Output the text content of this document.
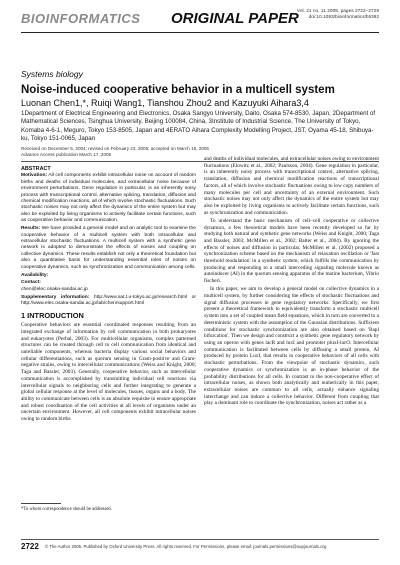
BIOINFORMATICS ORIGINAL PAPER
Vol. 21 no. 11 2005, pages 2722–2729
doi:10.1093/bioinformatics/bti392
Systems biology
Noise-induced cooperative behavior in a multicell system
Luonan Chen1,*, Ruiqi Wang1, Tianshou Zhou2 and Kazuyuki Aihara3,4
1Department of Electrical Engineering and Electronics, Osaka Sangyo University, Daito, Osaka 574-8530, Japan, 2Department of Mathematical Sciences, Tsinghua University, Beijing 100084, China, 3Institute of Industrial Science, The University of Tokyo, Komaba 4-6-1, Meguro, Tokyo 153-8505, Japan and 4ERATO Aihara Complexity Modelling Project, JST, Oyama 45-18, Shibuya-ku, Tokyo 151-0065, Japan
Received on December 5, 2004; revised on February 23, 2005; accepted on March 15, 2005
Advance Access publication March 17, 2005
ABSTRACT

Motivation: All cell components exhibit intracellular noise on account of random births and deaths of individual molecules, and extracellular noise because of environment perturbations. Gene regulation in particular, is an inherently noisy process with transcriptional control, alternative splicing, translation, diffusion and chemical modification reactions, all of which involve stochastic fluctuations. Such stochastic noises may not only affect the dynamics of the entire system but may also be exploited by living organisms to actively facilitate certain functions, such as cooperative behavior and communication.

Results: We have provided a general model and an analytic tool to examine the cooperative behavior of a multicell system with both intracellular and extracellular stochastic fluctuations. A multicell system with a synthetic gene network is adopted to demonstrate the effects of noises and coupling on collective dynamics. These results establish not only a theoretical foundation but also a quantitative basis for understanding essential roles of noises on cooperative dynamics, such as synchronization and communication among cells.

Availability:

Contact:
chen@elec.osaka-sandai.ac.jp

Supplementary information: http://www.sat.t.u-tokyo.ac.jp/research.html or http://www.elec.osaka-sandai.ac.jp/lab/chen/support.html

1 INTRODUCTION

Cooperative behaviors are essential coordinated responses resulting from an integrated exchange of information by cell communication in both prokaryotes and eukaryotes (Perbal, 2003). For multicellular organisms, complex patterned structures can be created through cell to cell communication from identical and unreliable components, whereas bacteria display various social behaviors and cellular differentiations, such as quorum sensing in Gram-positive and Gram-negative strains, owing to intercellular communications (Weiss and Knight, 2000; Taga and Bassler, 2003). Generally, cooperative behavior, such as intercellular communication is accomplished by transmitting individual cell reactions via intercellular signals to neighboring cells and further integrating to generate a global cellular response at the level of molecules, tissues, organs and a body. The ability to communicate between cells is an absolute requisite to ensure appropriate and robust coordination of the cell activities at all levels of organisms under an uncertain environment. However, all cell components exhibit intracellular noises owing to random births

*To whom correspondence should be addressed.

and deaths of individual molecules, and extracellular noises owing to environment fluctuations (Elowitz et al., 2002; Paulsson, 2004). Gene regulation in particular, is an inherently noisy process with transcriptional control, alternative splicing, translation, diffusion and chemical modification reactions of transcriptional factors, all of which involve stochastic fluctuations owing to low copy numbers of many molecules per cell and uncertainty of an external environment. Such stochastic noises may not only affect the dynamics of the entire system but may also be exploited by living organisms to actively facilitate certain functions, such as synchronization and communication.

To understand the basic mechanism of cell–cell cooperative or collective dynamics, a few theoretical models have been recently developed so far by studying both natural and synthetic gene networks (Weiss and Knight, 2000; Taga and Bassler, 2003; McMillen et al., 2002; Balter et al., 2004). By ignoring the effects of noises and diffusion in particular, McMillen et al. (2002) proposed a synchronization scheme based on the mechanism of relaxation oscillation or 'fast threshold modulation' in a synthetic system, which fulfills the communication by producing and responding to a small interceding signaling molecule known as autoinducer (AI) in the quorum sensing apparatus of the marine bacterium, Vibrio fischeri.

In this paper, we aim to develop a general model on collective dynamics in a multicell system, by further considering the effects of stochastic fluctuations and signal diffusion processes in gene regulatory networks. Specifically, we first present a theoretical framework to equivalently transform a stochastic multicell system into a set of coupled mean field equations, which in turn are converted to a deterministic system with the assumption of the Gaussian distributions. Sufficient conditions for stochastic synchronization are also obtained based on 'Bapl bifurcation'. Then we design and construct a synthetic gene regulatory network by using an operon with genes lacR and luxI and promoter pluxI-lacO. Intercellular communication is facilitated between cells by diffusing a small protein, AI produced by protein LuxI, that results in cooperative behaviors of all cells with stochastic perturbations. From the viewpoint of stochastic dynamics, such cooperative dynamics or synchronization is an in-phase behavior of the probability distributions for all cells. In contrast to the non-cooperative effect of intracellular noises, as shown both analytically and numerically in this paper, extracellular noises are common to all cells, actually enhance signaling interchange and can induce a collective behavior. Different from coupling that play a dominant role to coordinate the synchronization, noises act rather as a

2722 © The Author 2005. Published by Oxford University Press. All rights reserved. For Permissions, please email: journals.permissions@oupjournals.org
